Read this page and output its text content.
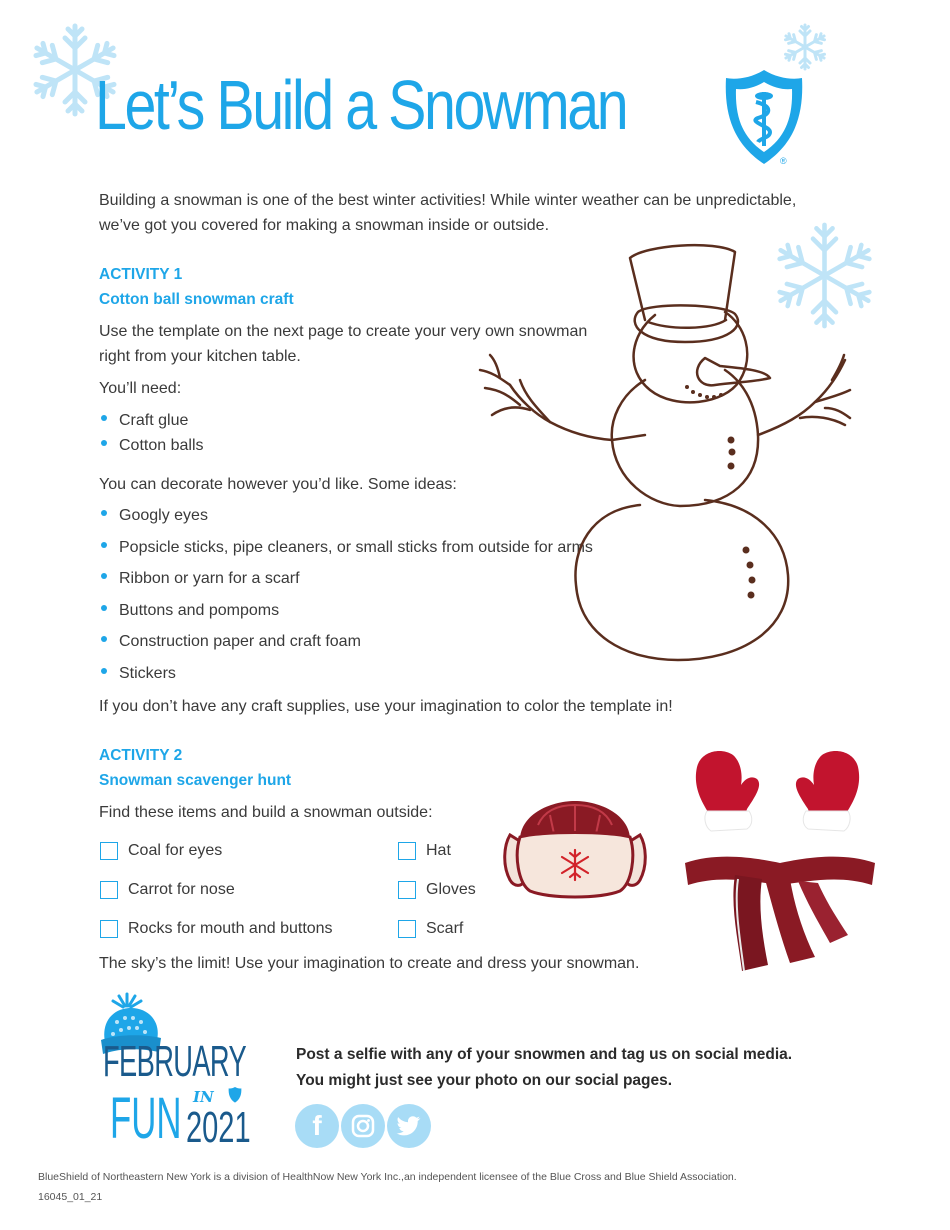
Let’s Build a Snowman
®
Building a snowman is one of the best winter activities! While winter weather can be unpredictable,
we’ve got you covered for making a snowman inside or outside.
ACTIVITY 1
Cotton ball snowman craft
Use the template on the next page to create your very own snowman
right from your kitchen table.
You’ll need:
Craft glue
Cotton balls
You can decorate however you’d like. Some ideas:
Googly eyes
Popsicle sticks, pipe cleaners, or small sticks from outside for arms
Ribbon or yarn for a scarf
Buttons and pompoms
Construction paper and craft foam
Stickers
If you don’t have any craft supplies, use your imagination to color the template in!
ACTIVITY 2
Snowman scavenger hunt
Find these items and build a snowman outside:
Coal for eyes
Carrot for nose
Rocks for mouth and buttons
Hat
Gloves
Scarf
The sky’s the limit! Use your imagination to create and dress your snowman.
FEBRUARY
FUN IN
2021
Post a selfie with any of your snowmen and tag us on social media.
You might just see your photo on our social pages.
f
BlueShield of Northeastern New York is a division of HealthNow New York Inc.,an independent licensee of the Blue Cross and Blue Shield Association.
16045_01_21
